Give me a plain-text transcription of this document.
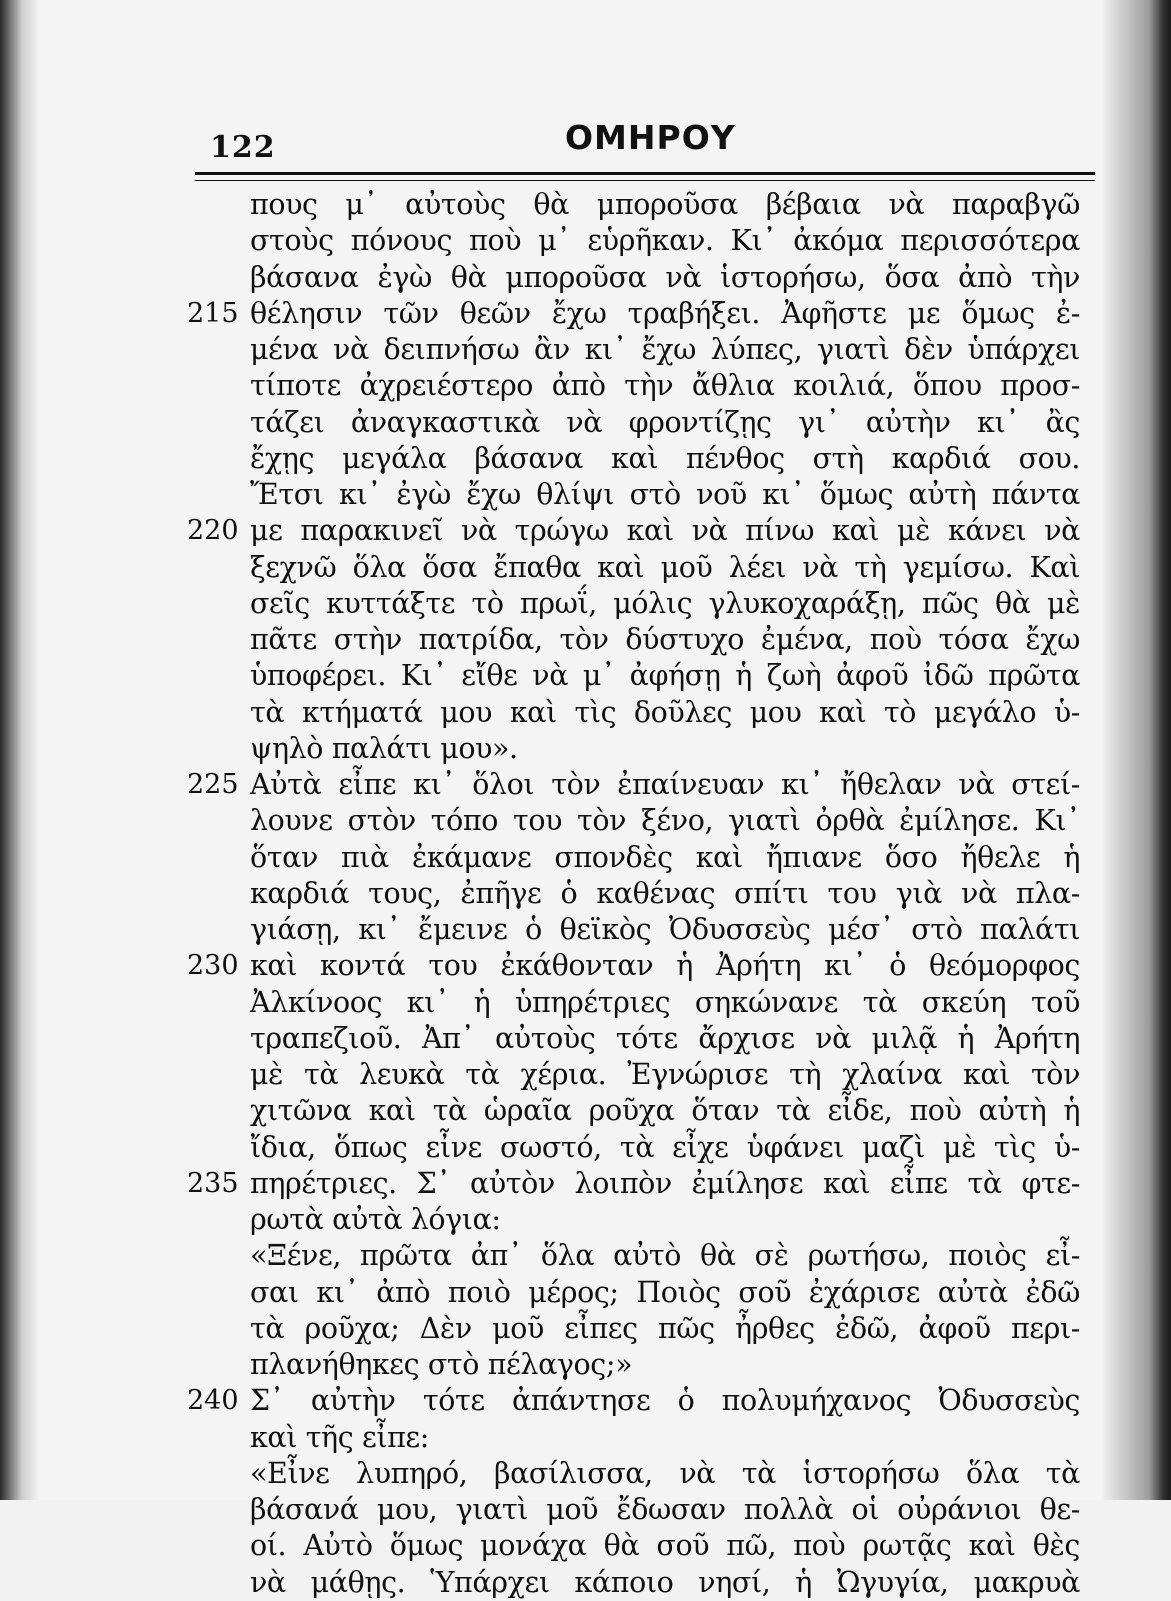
122	ΟΜΗΡΟΥ
πους μ᾽ αὐτοὺς θὰ μποροῦσα βέβαια νὰ παραβγῶ
στοὺς πόνους ποὺ μ᾽ εὑρῆκαν. Κι᾽ ἀκόμα περισσότερα
βάσανα ἐγὼ θὰ μποροῦσα νὰ ἱστορήσω, ὅσα ἀπὸ τὴν
215 θέλησιν τῶν θεῶν ἔχω τραβήξει. Ἀφῆστε με ὅμως ἐ-
μένα νὰ δειπνήσω ἂν κι᾽ ἔχω λύπες, γιατὶ δὲν ὑπάρχει
τίποτε ἀχρειέστερο ἀπὸ τὴν ἄθλια κοιλιά, ὅπου προσ-
τάζει ἀναγκαστικὰ νὰ φροντίζῃς γι᾽ αὐτὴν κι᾽ ἂς
ἔχῃς μεγάλα βάσανα καὶ πένθος στὴ καρδιά σου.
Ἔτσι κι᾽ ἐγὼ ἔχω θλίψι στὸ νοῦ κι᾽ ὅμως αὐτὴ πάντα
220 με παρακινεῖ νὰ τρώγω καὶ νὰ πίνω καὶ μὲ κάνει νὰ
ξεχνῶ ὅλα ὅσα ἔπαθα καὶ μοῦ λέει νὰ τὴ γεμίσω. Καὶ
σεῖς κυττάξτε τὸ πρωΐ, μόλις γλυκοχαράξῃ, πῶς θὰ μὲ
πᾶτε στὴν πατρίδα, τὸν δύστυχο ἐμένα, ποὺ τόσα ἔχω
ὑποφέρει. Κι᾽ εἴθε νὰ μ᾽ ἀφήσῃ ἡ ζωὴ ἀφοῦ ἰδῶ πρῶτα
τὰ κτήματά μου καὶ τὶς δοῦλες μου καὶ τὸ μεγάλο ὑ-
ψηλὸ παλάτι μου».
225 Αὐτὰ εἶπε κι᾽ ὅλοι τὸν ἐπαίνευαν κι᾽ ἤθελαν νὰ στεί-
λουνε στὸν τόπο του τὸν ξένο, γιατὶ ὀρθὰ ἐμίλησε. Κι᾽
ὅταν πιὰ ἐκάμανε σπονδὲς καὶ ἤπιανε ὅσο ἤθελε ἡ
καρδιά τους, ἐπῆγε ὁ καθένας σπίτι του γιὰ νὰ πλα-
γιάσῃ, κι᾽ ἔμεινε ὁ θεϊκὸς Ὀδυσσεὺς μέσ᾽ στὸ παλάτι
230 καὶ κοντά του ἐκάθονταν ἡ Ἀρήτη κι᾽ ὁ θεόμορφος
Ἀλκίνοος κι᾽ ἡ ὑπηρέτριες σηκώνανε τὰ σκεύη τοῦ
τραπεζιοῦ. Ἀπ᾽ αὐτοὺς τότε ἄρχισε νὰ μιλᾷ ἡ Ἀρήτη
μὲ τὰ λευκὰ τὰ χέρια. Ἐγνώρισε τὴ χλαίνα καὶ τὸν
χιτῶνα καὶ τὰ ὡραῖα ροῦχα ὅταν τὰ εἶδε, ποὺ αὐτὴ ἡ
ἴδια, ὅπως εἶνε σωστό, τὰ εἶχε ὑφάνει μαζὶ μὲ τὶς ὑ-
235 πηρέτριες. Σ᾽ αὐτὸν λοιπὸν ἐμίλησε καὶ εἶπε τὰ φτε-
ρωτὰ αὐτὰ λόγια:
«Ξένε, πρῶτα ἀπ᾽ ὅλα αὐτὸ θὰ σὲ ρωτήσω, ποιὸς εἶ-
σαι κι᾽ ἀπὸ ποιὸ μέρος; Ποιὸς σοῦ ἐχάρισε αὐτὰ ἐδῶ
τὰ ροῦχα; Δὲν μοῦ εἶπες πῶς ἦρθες ἐδῶ, ἀφοῦ περι-
πλανήθηκες στὸ πέλαγος;»
240 Σ᾽ αὐτὴν τότε ἀπάντησε ὁ πολυμήχανος Ὀδυσσεὺς
καὶ τῆς εἶπε:
«Εἶνε λυπηρό, βασίλισσα, νὰ τὰ ἱστορήσω ὅλα τὰ
βάσανά μου, γιατὶ μοῦ ἔδωσαν πολλὰ οἱ οὐράνιοι θε-
οί. Αὐτὸ ὅμως μονάχα θὰ σοῦ πῶ, ποὺ ρωτᾷς καὶ θὲς
νὰ μάθῃς. Ὑπάρχει κάποιο νησί, ἡ Ὠγυγία, μακρυὰ
